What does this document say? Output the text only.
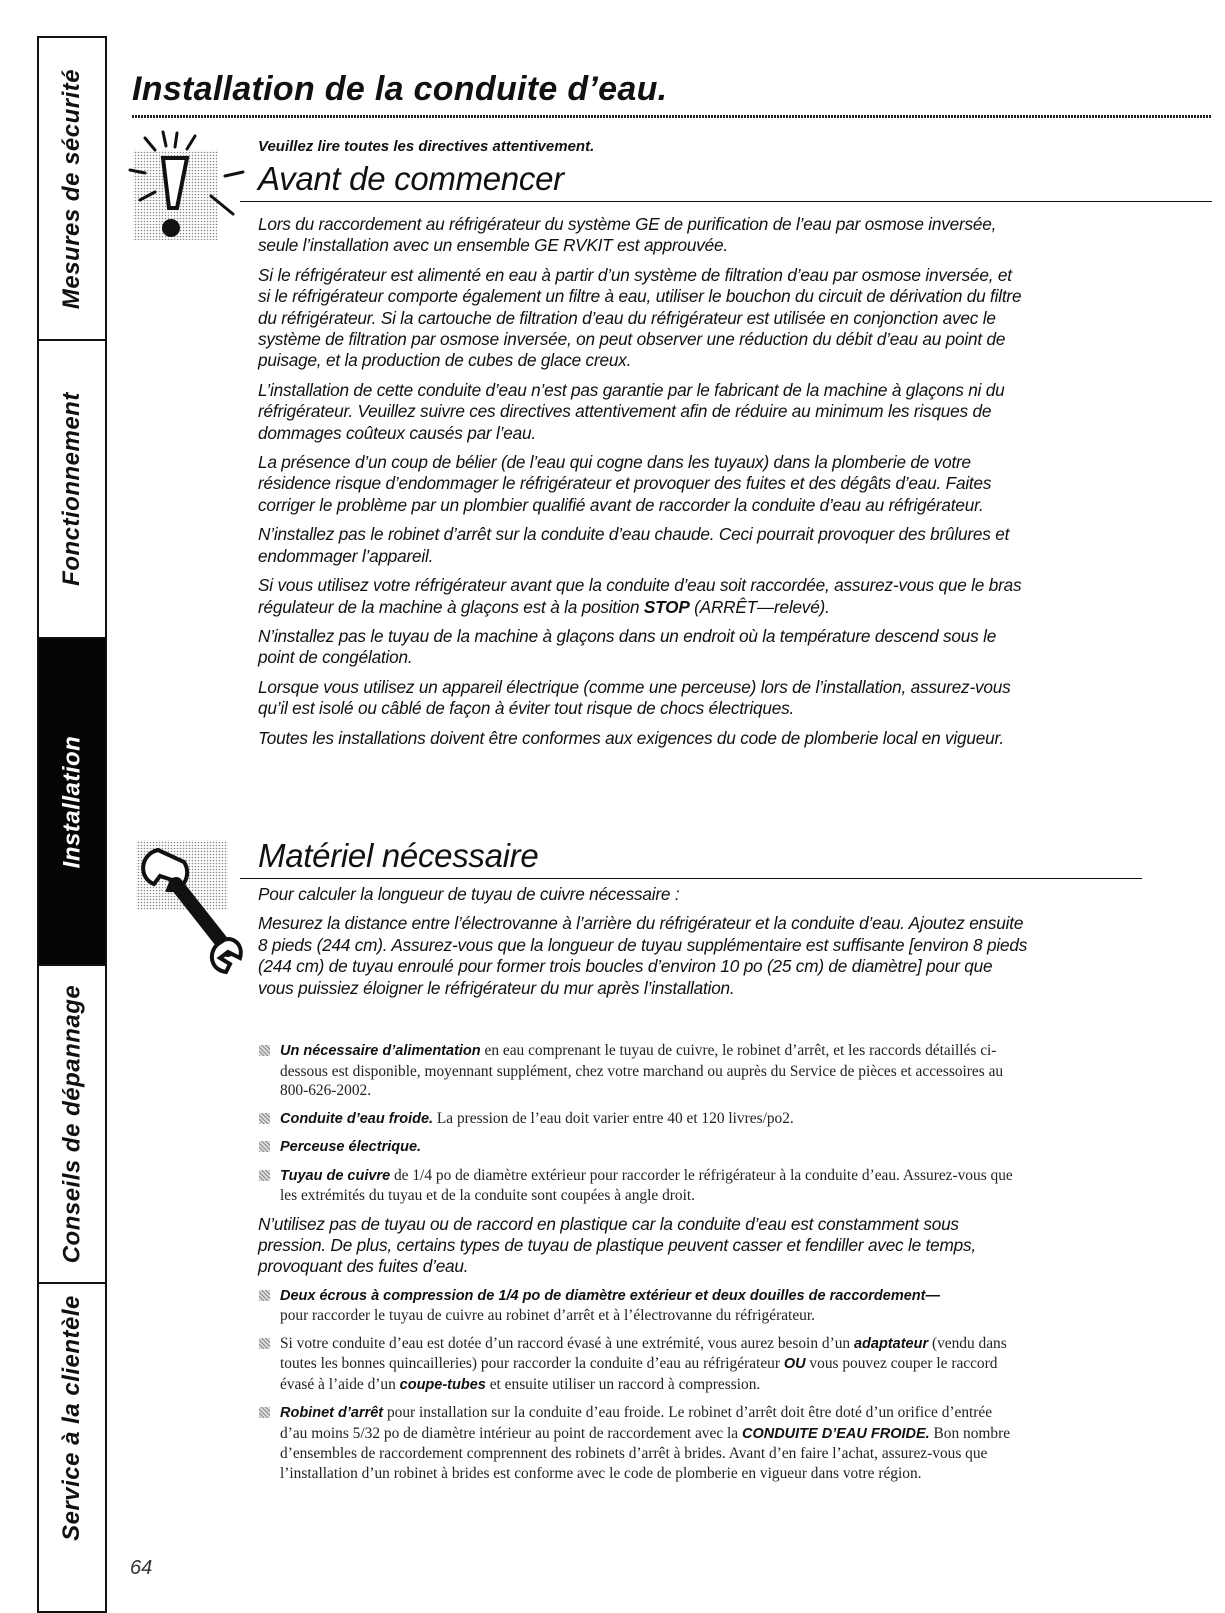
Mesures de sécurité
Fonctionnement
Installation
Conseils de dépannage
Service à la clientèle
Installation de la conduite d’eau.
Veuillez lire toutes les directives attentivement.
Avant de commencer

Lors du raccordement au réfrigérateur du système GE de purification de l’eau par osmose inversée, seule l’installation avec un ensemble GE RVKIT est approuvée.

Si le réfrigérateur est alimenté en eau à partir d’un système de filtration d’eau par osmose inversée, et si le réfrigérateur comporte également un filtre à eau, utiliser le bouchon du circuit de dérivation du filtre du réfrigérateur. Si la cartouche de filtration d’eau du réfrigérateur est utilisée en conjonction avec le système de filtration par osmose inversée, on peut observer une réduction du débit d’eau au point de puisage, et la production de cubes de glace creux.

L’installation de cette conduite d’eau n’est pas garantie par le fabricant de la machine à glaçons ni du réfrigérateur. Veuillez suivre ces directives attentivement afin de réduire au minimum les risques de dommages coûteux causés par l’eau.

La présence d’un coup de bélier (de l’eau qui cogne dans les tuyaux) dans la plomberie de votre résidence risque d’endommager le réfrigérateur et provoquer des fuites et des dégâts d’eau. Faites corriger le problème par un plombier qualifié avant de raccorder la conduite d’eau au réfrigérateur.

N’installez pas le robinet d’arrêt sur la conduite d’eau chaude. Ceci pourrait provoquer des brûlures et endommager l’appareil.

Si vous utilisez votre réfrigérateur avant que la conduite d’eau soit raccordée, assurez-vous que le bras régulateur de la machine à glaçons est à la position STOP (ARRÊT—relevé).

N’installez pas le tuyau de la machine à glaçons dans un endroit où la température descend sous le point de congélation.

Lorsque vous utilisez un appareil électrique (comme une perceuse) lors de l’installation, assurez-vous qu’il est isolé ou câblé de façon à éviter tout risque de chocs électriques.

Toutes les installations doivent être conformes aux exigences du code de plomberie local en vigueur.

Matériel nécessaire

Pour calculer la longueur de tuyau de cuivre nécessaire :

Mesurez la distance entre l’électrovanne à l’arrière du réfrigérateur et la conduite d’eau. Ajoutez ensuite 8 pieds (244 cm). Assurez-vous que la longueur de tuyau supplémentaire est suffisante [environ 8 pieds (244 cm) de tuyau enroulé pour former trois boucles d’environ 10 po (25 cm) de diamètre] pour que vous puissiez éloigner le réfrigérateur du mur après l’installation.

Un nécessaire d’alimentation en eau comprenant le tuyau de cuivre, le robinet d’arrêt, et les raccords détaillés ci-dessous est disponible, moyennant supplément, chez votre marchand ou auprès du Service de pièces et accessoires au 800-626-2002.
Conduite d’eau froide. La pression de l’eau doit varier entre 40 et 120 livres/po2.
Perceuse électrique.
Tuyau de cuivre de 1/4 po de diamètre extérieur pour raccorder le réfrigérateur à la conduite d’eau. Assurez-vous que les extrémités du tuyau et de la conduite sont coupées à angle droit.

N’utilisez pas de tuyau ou de raccord en plastique car la conduite d’eau est constamment sous pression. De plus, certains types de tuyau de plastique peuvent casser et fendiller avec le temps, provoquant des fuites d’eau.

Deux écrous à compression de 1/4 po de diamètre extérieur et deux douilles de raccordement—
pour raccorder le tuyau de cuivre au robinet d’arrêt et à l’électrovanne du réfrigérateur.
Si votre conduite d’eau est dotée d’un raccord évasé à une extrémité, vous aurez besoin d’un adaptateur (vendu dans toutes les bonnes quincailleries) pour raccorder la conduite d’eau au réfrigérateur OU vous pouvez couper le raccord évasé à l’aide d’un coupe-tubes et ensuite utiliser un raccord à compression.
Robinet d’arrêt pour installation sur la conduite d’eau froide. Le robinet d’arrêt doit être doté d’un orifice d’entrée d’au moins 5/32 po de diamètre intérieur au point de raccordement avec la CONDUITE D’EAU FROIDE. Bon nombre d’ensembles de raccordement comprennent des robinets d’arrêt à brides. Avant d’en faire l’achat, assurez-vous que l’installation d’un robinet à brides est conforme avec le code de plomberie en vigueur dans votre région.
64
